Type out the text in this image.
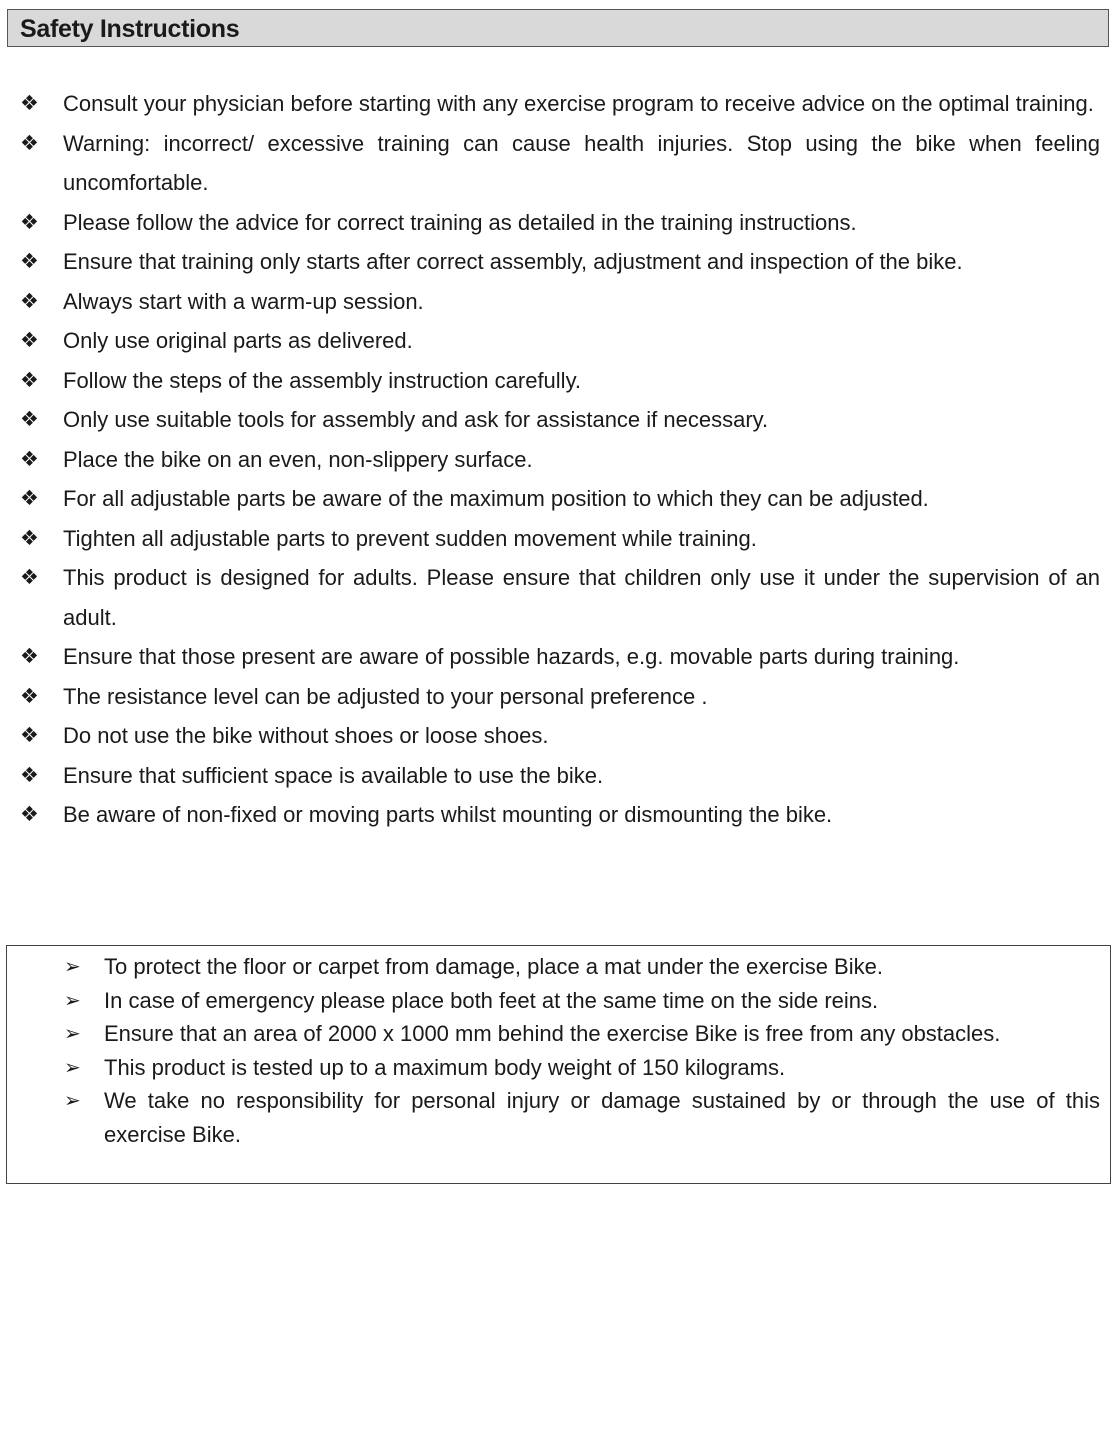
Safety Instructions
❖ Consult your physician before starting with any exercise program to receive advice on the optimal training.
❖ Warning: incorrect/ excessive training can cause health injuries. Stop using the bike when feeling uncomfortable.
❖ Please follow the advice for correct training as detailed in the training instructions.
❖ Ensure that training only starts after correct assembly, adjustment and inspection of the bike.
❖ Always start with a warm-up session.
❖ Only use original parts as delivered.
❖ Follow the steps of the assembly instruction carefully.
❖ Only use suitable tools for assembly and ask for assistance if necessary.
❖ Place the bike on an even, non-slippery surface.
❖ For all adjustable parts be aware of the maximum position to which they can be adjusted.
❖ Tighten all adjustable parts to prevent sudden movement while training.
❖ This product is designed for adults. Please ensure that children only use it under the supervision of an adult.
❖ Ensure that those present are aware of possible hazards, e.g. movable parts during training.
❖ The resistance level can be adjusted to your personal preference .
❖ Do not use the bike without shoes or loose shoes.
❖ Ensure that sufficient space is available to use the bike.
❖ Be aware of non-fixed or moving parts whilst mounting or dismounting the bike.
➢ To protect the floor or carpet from damage, place a mat under the exercise Bike.
➢ In case of emergency please place both feet at the same time on the side reins.
➢ Ensure that an area of 2000 x 1000 mm behind the exercise Bike is free from any obstacles.
➢ This product is tested up to a maximum body weight of 150 kilograms.
➢ We take no responsibility for personal injury or damage sustained by or through the use of this exercise Bike.
